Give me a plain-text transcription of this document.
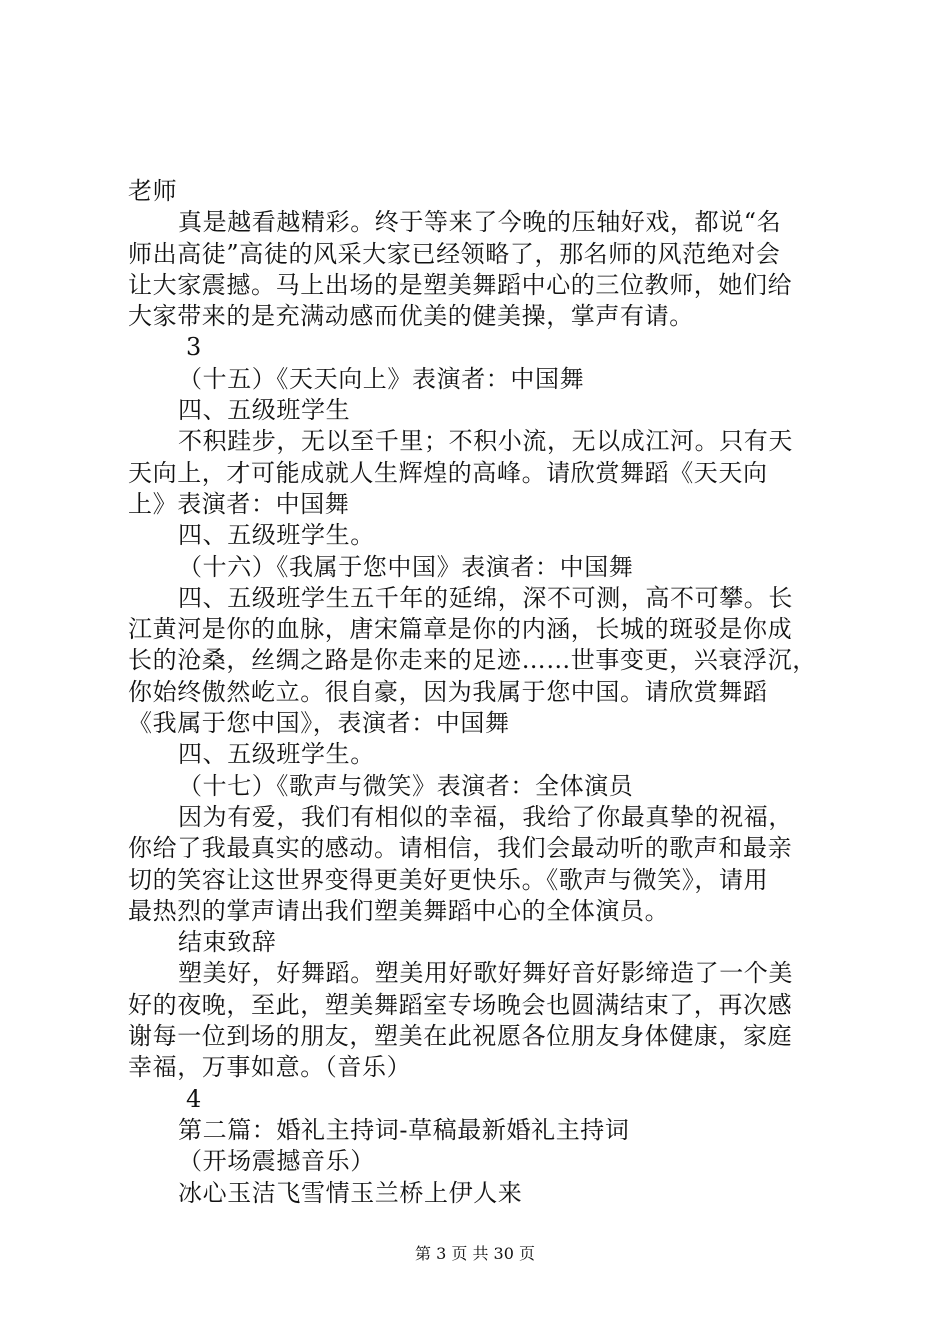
老师
真是越看越精彩。终于等来了今晚的压轴好戏，都说“名
师出高徒”高徒的风采大家已经领略了，那名师的风范绝对会
让大家震撼。马上出场的是塑美舞蹈中心的三位教师，她们给
大家带来的是充满动感而优美的健美操，掌声有请。
3
（十五）《天天向上》表演者：中国舞
四、五级班学生
不积跬步，无以至千里；不积小流，无以成江河。只有天
天向上，才可能成就人生辉煌的高峰。请欣赏舞蹈《天天向
上》表演者：中国舞
四、五级班学生。
（十六）《我属于您中国》表演者：中国舞
四、五级班学生五千年的延绵，深不可测，高不可攀。长
江黄河是你的血脉，唐宋篇章是你的内涵，长城的斑驳是你成
长的沧桑，丝绸之路是你走来的足迹……世事变更，兴衰浮沉，
你始终傲然屹立。很自豪，因为我属于您中国。请欣赏舞蹈
《我属于您中国》，表演者：中国舞
四、五级班学生。
（十七）《歌声与微笑》表演者：全体演员
因为有爱，我们有相似的幸福，我给了你最真挚的祝福，
你给了我最真实的感动。请相信，我们会最动听的歌声和最亲
切的笑容让这世界变得更美好更快乐。《歌声与微笑》，请用
最热烈的掌声请出我们塑美舞蹈中心的全体演员。
结束致辞
塑美好，好舞蹈。塑美用好歌好舞好音好影缔造了一个美
好的夜晚，至此，塑美舞蹈室专场晚会也圆满结束了，再次感
谢每一位到场的朋友，塑美在此祝愿各位朋友身体健康，家庭
幸福，万事如意。（音乐）
4
第二篇：婚礼主持词-草稿最新婚礼主持词
（开场震撼音乐）
冰心玉洁飞雪情玉兰桥上伊人来
第 3 页 共 30 页
